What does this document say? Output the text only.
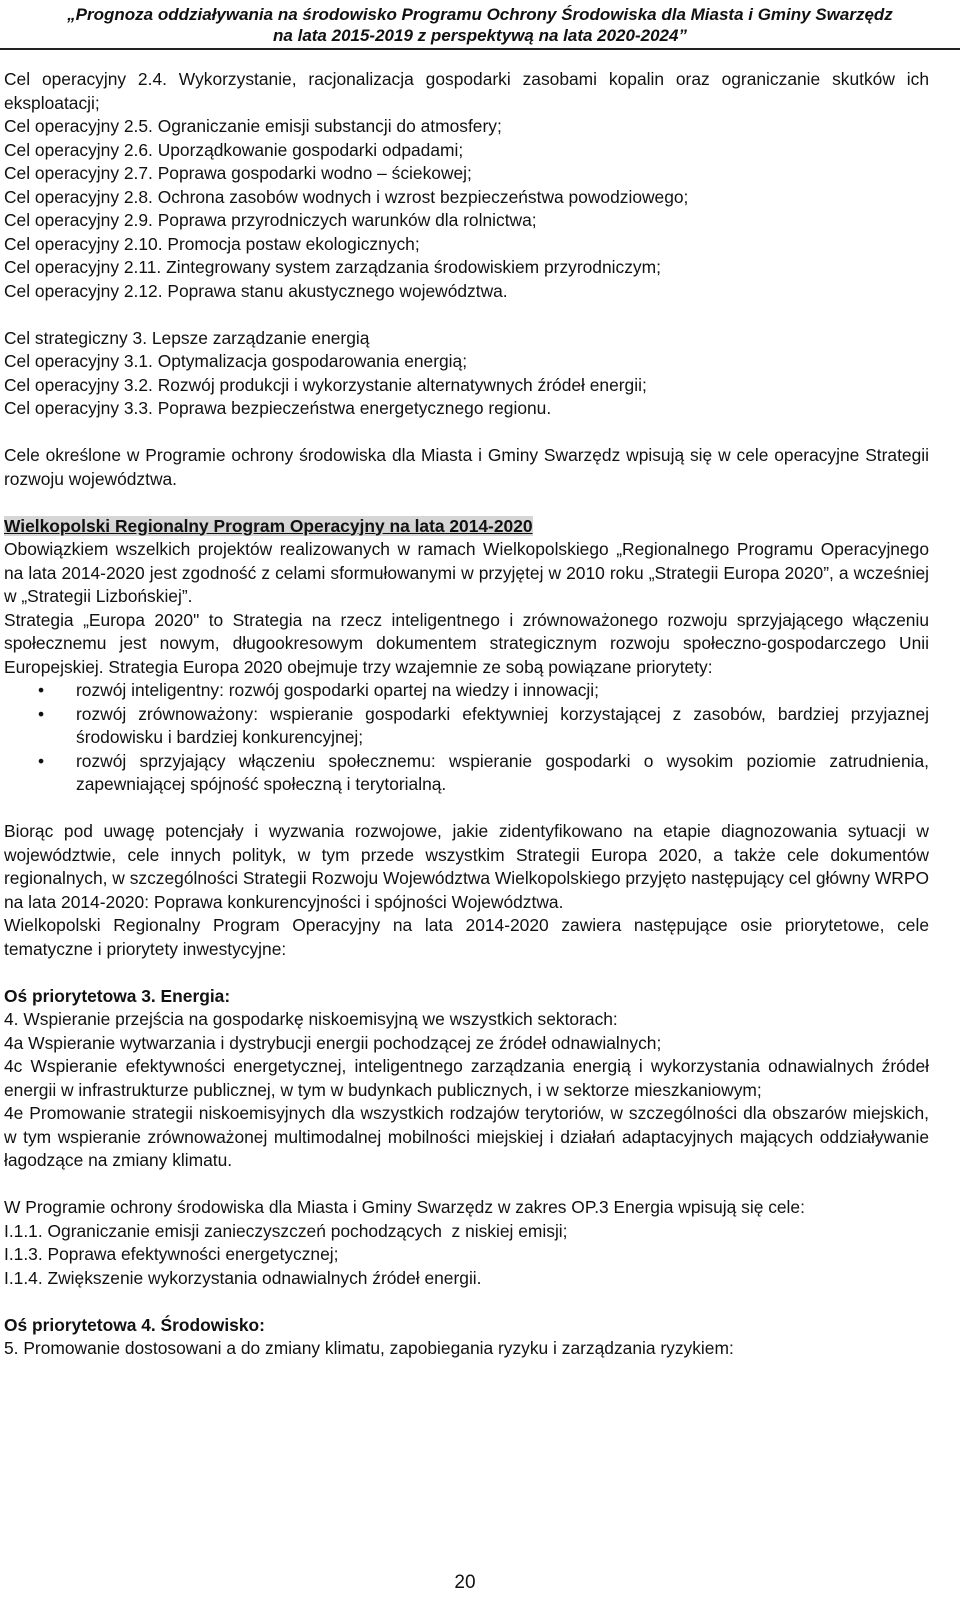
„Prognoza oddziaływania na środowisko Programu Ochrony Środowiska dla Miasta i Gminy Swarzędz
na lata 2015-2019 z perspektywą na lata 2020-2024”
Cel operacyjny 2.4. Wykorzystanie, racjonalizacja gospodarki zasobami kopalin oraz ograniczanie skutków ich eksploatacji;
Cel operacyjny 2.5. Ograniczanie emisji substancji do atmosfery;
Cel operacyjny 2.6. Uporządkowanie gospodarki odpadami;
Cel operacyjny 2.7. Poprawa gospodarki wodno – ściekowej;
Cel operacyjny 2.8. Ochrona zasobów wodnych i wzrost bezpieczeństwa powodziowego;
Cel operacyjny 2.9. Poprawa przyrodniczych warunków dla rolnictwa;
Cel operacyjny 2.10. Promocja postaw ekologicznych;
Cel operacyjny 2.11. Zintegrowany system zarządzania środowiskiem przyrodniczym;
Cel operacyjny 2.12. Poprawa stanu akustycznego województwa.
Cel strategiczny 3. Lepsze zarządzanie energią
Cel operacyjny 3.1. Optymalizacja gospodarowania energią;
Cel operacyjny 3.2. Rozwój produkcji i wykorzystanie alternatywnych źródeł energii;
Cel operacyjny 3.3. Poprawa bezpieczeństwa energetycznego regionu.
Cele określone w Programie ochrony środowiska dla Miasta i Gminy Swarzędz wpisują się w cele operacyjne Strategii rozwoju województwa.
Wielkopolski Regionalny Program Operacyjny na lata 2014-2020
Obowiązkiem wszelkich projektów realizowanych w ramach Wielkopolskiego „Regionalnego Programu Operacyjnego na lata 2014-2020 jest zgodność z celami sformułowanymi w przyjętej w 2010 roku „Strategii Europa 2020”, a wcześniej w „Strategii Lizbońskiej”.
Strategia „Europa 2020" to Strategia na rzecz inteligentnego i zrównoważonego rozwoju sprzyjającego włączeniu społecznemu jest nowym, długookresowym dokumentem strategicznym rozwoju społeczno-gospodarczego Unii Europejskiej. Strategia Europa 2020 obejmuje trzy wzajemnie ze sobą powiązane priorytety:
• rozwój inteligentny: rozwój gospodarki opartej na wiedzy i innowacji;
• rozwój zrównoważony: wspieranie gospodarki efektywniej korzystającej z zasobów, bardziej przyjaznej środowisku i bardziej konkurencyjnej;
• rozwój sprzyjający włączeniu społecznemu: wspieranie gospodarki o wysokim poziomie zatrudnienia, zapewniającej spójność społeczną i terytorialną.
Biorąc pod uwagę potencjały i wyzwania rozwojowe, jakie zidentyfikowano na etapie diagnozowania sytuacji w województwie, cele innych polityk, w tym przede wszystkim Strategii Europa 2020, a także cele dokumentów regionalnych, w szczególności Strategii Rozwoju Województwa Wielkopolskiego przyjęto następujący cel główny WRPO na lata 2014-2020: Poprawa konkurencyjności i spójności Województwa.
Wielkopolski Regionalny Program Operacyjny na lata 2014-2020 zawiera następujące osie priorytetowe, cele tematyczne i priorytety inwestycyjne:
Oś priorytetowa 3. Energia:
4. Wspieranie przejścia na gospodarkę niskoemisyjną we wszystkich sektorach:
4a Wspieranie wytwarzania i dystrybucji energii pochodzącej ze źródeł odnawialnych;
4c Wspieranie efektywności energetycznej, inteligentnego zarządzania energią i wykorzystania odnawialnych źródeł energii w infrastrukturze publicznej, w tym w budynkach publicznych, i w sektorze mieszkaniowym;
4e Promowanie strategii niskoemisyjnych dla wszystkich rodzajów terytoriów, w szczególności dla obszarów miejskich, w tym wspieranie zrównoważonej multimodalnej mobilności miejskiej i działań adaptacyjnych mających oddziaływanie łagodzące na zmiany klimatu.
W Programie ochrony środowiska dla Miasta i Gminy Swarzędz w zakres OP.3 Energia wpisują się cele:
I.1.1. Ograniczanie emisji zanieczyszczeń pochodzących  z niskiej emisji;
I.1.3. Poprawa efektywności energetycznej;
I.1.4. Zwiększenie wykorzystania odnawialnych źródeł energii.
Oś priorytetowa 4. Środowisko:
5. Promowanie dostosowani a do zmiany klimatu, zapobiegania ryzyku i zarządzania ryzykiem:
20
